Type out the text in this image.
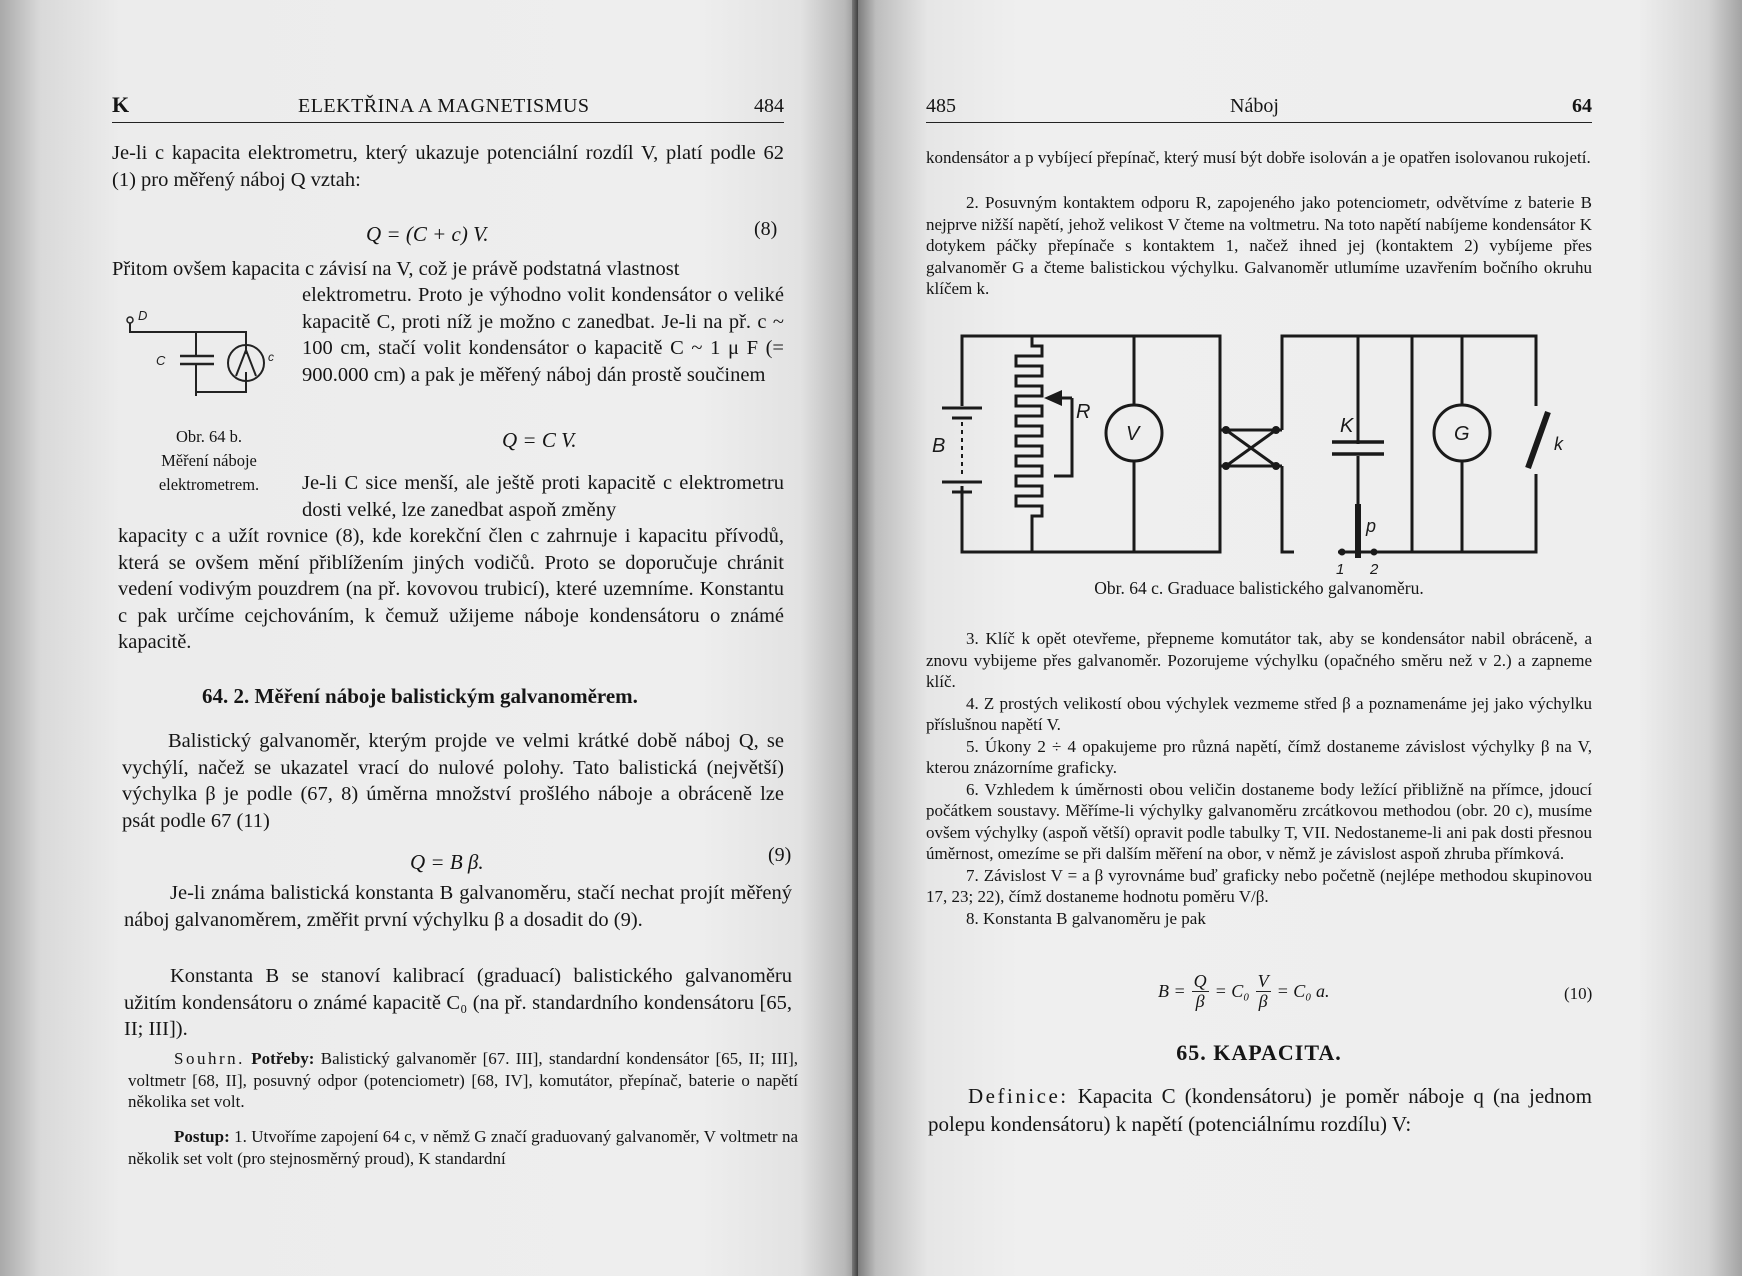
K	ELEKTŘINA A MAGNETISMUS	484

Je-li c kapacita elektrometru, který ukazuje potenciální rozdíl V, platí podle 62 (1) pro měřený náboj Q vztah:

Q = (C + c) V.	(8)

Přitom ovšem kapacita c závisí na V, což je právě podstatná vlastnost

elektrometru. Proto je výhodno volit kondensátor o veliké kapacitě C, proti níž je možno c zanedbat. Je-li na př. c ~ 100 cm, stačí volit kondensátor o kapacitě C ~ 1 μ F (= 900.000 cm) a pak je měřený náboj dán prostě součinem

D
C	c
Obr. 64 b.
Měření náboje
elektrometrem.
Q = C V.

Je-li C sice menší, ale ještě proti kapacitě c elektrometru dosti velké, lze zanedbat aspoň změny

kapacity c a užít rovnice (8), kde korekční člen c zahrnuje i kapacitu přívodů, která se ovšem mění přiblížením jiných vodičů. Proto se doporučuje chránit vedení vodivým pouzdrem (na př. kovovou trubicí), které uzemníme. Konstantu c pak určíme cejchováním, k čemuž užijeme náboje kondensátoru o známé kapacitě.

64. 2. Měření náboje balistickým galvanoměrem.

Balistický galvanoměr, kterým projde ve velmi krátké době náboj Q, se vychýlí, načež se ukazatel vrací do nulové polohy. Tato balistická (největší) výchylka β je podle (67, 8) úměrna množství prošlého náboje a obráceně lze psát podle 67 (11)

Q = B β.	(9)

Je-li známa balistická konstanta B galvanoměru, stačí nechat projít měřený náboj galvanoměrem, změřit první výchylku β a dosadit do (9).

Konstanta B se stanoví kalibrací (graduací) balistického galvanoměru užitím kondensátoru o známé kapacitě C₀ (na př. standardního kondensátoru [65, II; III]).

Souhrn. Potřeby: Balistický galvanoměr [67. III], standardní kondensátor [65, II; III], voltmetr [68, II], posuvný odpor (potenciometr) [68, IV], komutátor, přepínač, baterie o napětí několika set volt.

Postup: 1. Utvoříme zapojení 64 c, v němž G značí graduovaný galvanoměr, V voltmetr na několik set volt (pro stejnosměrný proud), K standardní

485	Náboj	64

kondensátor a p vybíjecí přepínač, který musí být dobře isolován a je opatřen isolovanou rukojetí.

2. Posuvným kontaktem odporu R, zapojeného jako potenciometr, odvětvíme z baterie B nejprve nižší napětí, jehož velikost V čteme na voltmetru. Na toto napětí nabíjeme kondensátor K dotykem páčky přepínače s kontaktem 1, načež ihned jej (kontaktem 2) vybíjeme přes galvanoměr G a čteme balistickou výchylku. Galvanoměr utlumíme uzavřením bočního okruhu klíčem k.

B
R
V	K	G	k
p
1 2
Obr. 64 c. Graduace balistického galvanoměru.

3. Klíč k opět otevřeme, přepneme komutátor tak, aby se kondensátor nabil obráceně, a znovu vybijeme přes galvanoměr. Pozorujeme výchylku (opačného směru než v 2.) a zapneme klíč.

4. Z prostých velikostí obou výchylek vezmeme střed β a poznamenáme jej jako výchylku příslušnou napětí V.

5. Úkony 2 ÷ 4 opakujeme pro různá napětí, čímž dostaneme závislost výchylky β na V, kterou znázorníme graficky.

6. Vzhledem k úměrnosti obou veličin dostaneme body ležící přibližně na přímce, jdoucí počátkem soustavy. Měříme-li výchylky galvanoměru zrcátkovou methodou (obr. 20 c), musíme ovšem výchylky (aspoň větší) opravit podle tabulky T, VII. Nedostaneme-li ani pak dosti přesnou úměrnost, omezíme se při dalším měření na obor, v němž je závislost aspoň zhruba přímková.

7. Závislost V = a β vyrovnáme buď graficky nebo početně (nejlépe methodou skupinovou 17, 23; 22), čímž dostaneme hodnotu poměru V/β.

8. Konstanta B galvanoměru je pak

$B = \frac{Q}{\beta} = C_0 \frac{V}{\beta} = C_0$ a.	(10)
65. KAPACITA.

Definice: Kapacita C (kondensátoru) je poměr náboje q (na jednom polepu kondensátoru) k napětí (potenciálnímu rozdílu) V:
